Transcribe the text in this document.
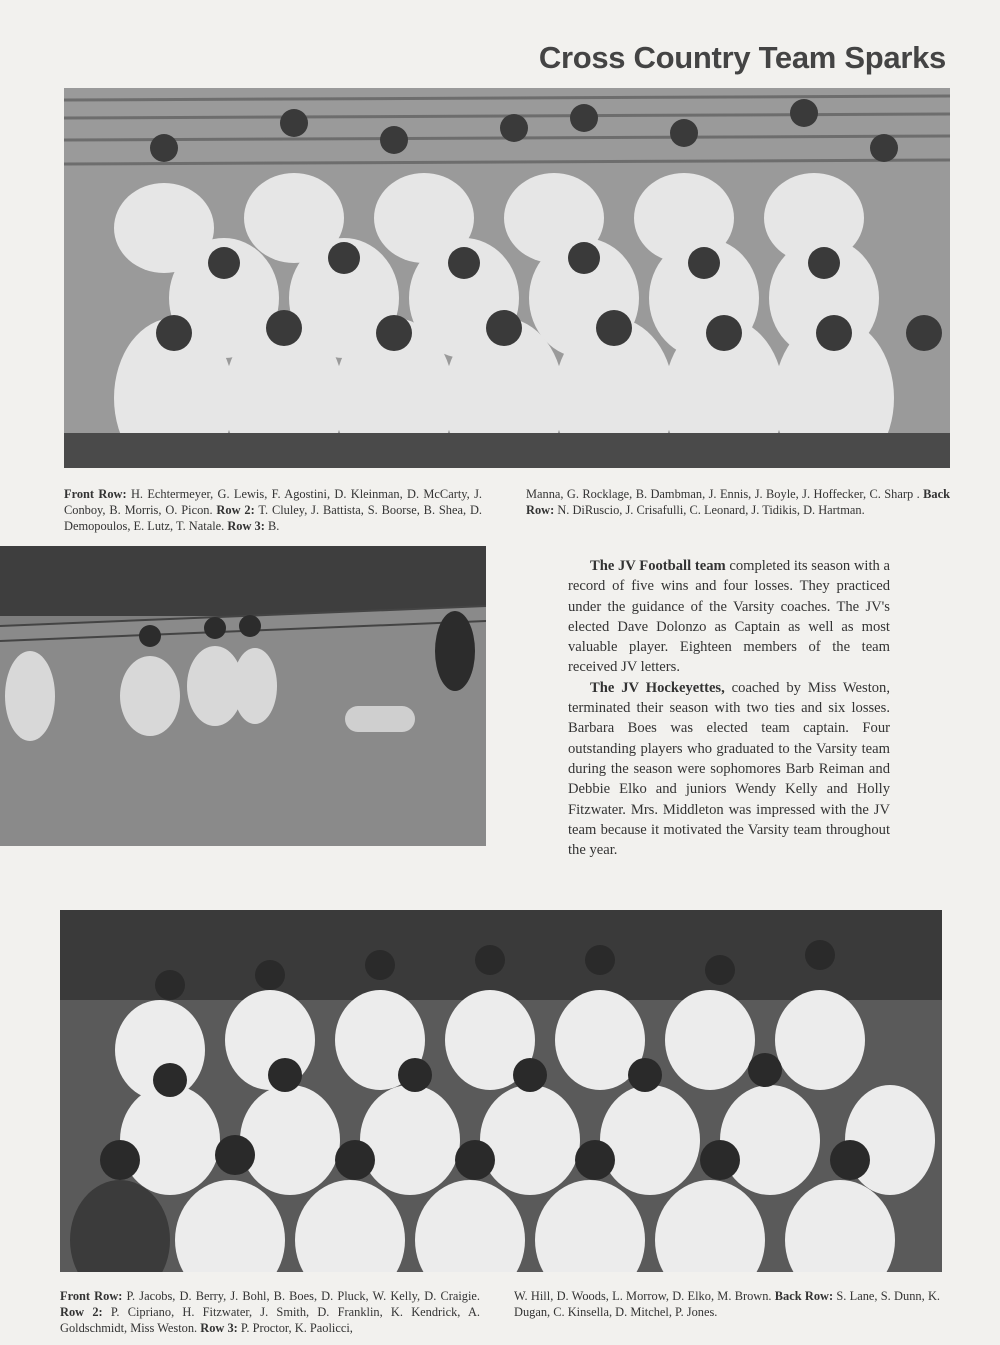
Cross Country Team Sparks
Front Row: H. Echtermeyer, G. Lewis, F. Agostini, D. Kleinman, D. McCarty, J. Conboy, B. Morris, O. Picon. Row 2: T. Cluley, J. Battista, S. Boorse, B. Shea, D. Demopoulos, E. Lutz, T. Natale. Row 3: B.
Manna, G. Rocklage, B. Dambman, J. Ennis, J. Boyle, J. Hoffecker, C. Sharp . Back Row: N. DiRuscio, J. Crisafulli, C. Leonard, J. Tidikis, D. Hartman.

The JV Football team completed its season with a record of five wins and four losses. They practiced under the guidance of the Varsity coaches. The JV's elected Dave Dolonzo as Captain as well as most valuable player. Eighteen members of the team received JV letters.

The JV Hockeyettes, coached by Miss Weston, terminated their season with two ties and six losses. Barbara Boes was elected team captain. Four outstanding players who graduated to the Varsity team during the season were sophomores Barb Reiman and Debbie Elko and juniors Wendy Kelly and Holly Fitzwater. Mrs. Middleton was impressed with the JV team because it motivated the Varsity team throughout the year.

Front Row: P. Jacobs, D. Berry, J. Bohl, B. Boes, D. Pluck, W. Kelly, D. Craigie. Row 2: P. Cipriano, H. Fitzwater, J. Smith, D. Franklin, K. Kendrick, A. Goldschmidt, Miss Weston. Row 3: P. Proctor, K. Paolicci,
W. Hill, D. Woods, L. Morrow, D. Elko, M. Brown. Back Row: S. Lane, S. Dunn, K. Dugan, C. Kinsella, D. Mitchel, P. Jones.
